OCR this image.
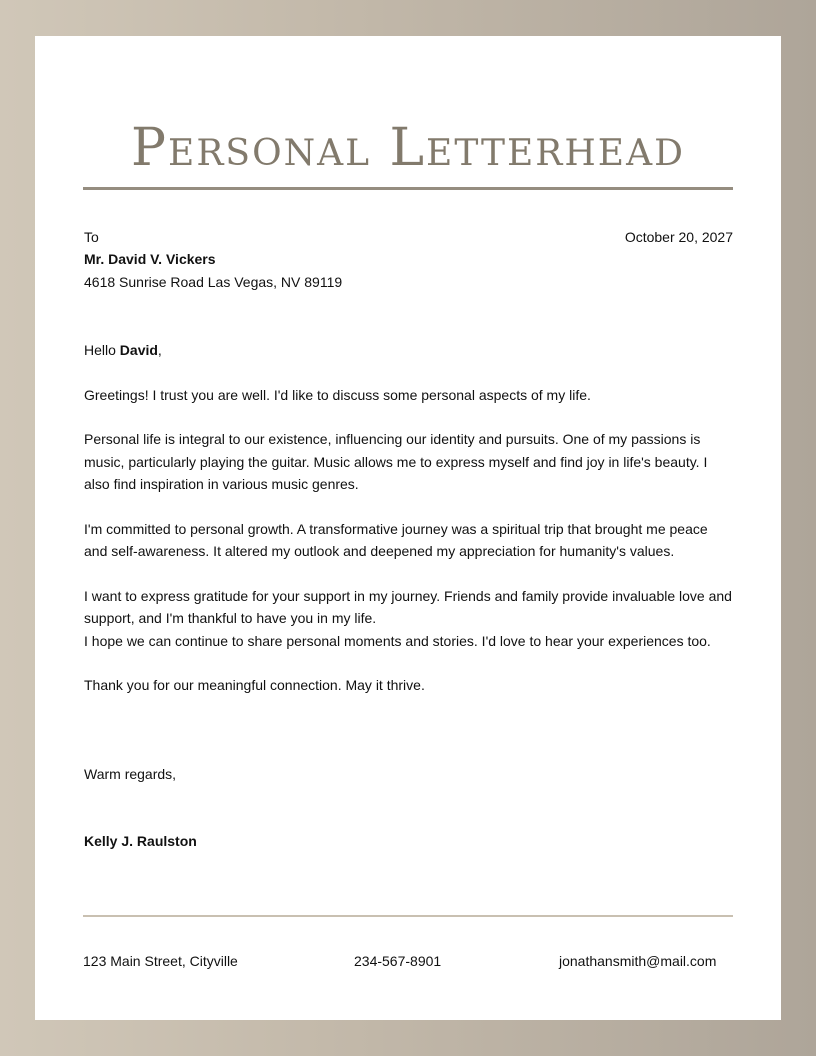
Personal Letterhead
To	October 20, 2027
Mr. David V. Vickers
4618 Sunrise Road Las Vegas, NV 89119

Hello David,

Greetings! I trust you are well. I'd like to discuss some personal aspects of my life.

Personal life is integral to our existence, influencing our identity and pursuits. One of my passions is music, particularly playing the guitar. Music allows me to express myself and find joy in life's beauty. I also find inspiration in various music genres.

I'm committed to personal growth. A transformative journey was a spiritual trip that brought me peace and self-awareness. It altered my outlook and deepened my appreciation for humanity's values.

I want to express gratitude for your support in my journey. Friends and family provide invaluable love and support, and I'm thankful to have you in my life.

I hope we can continue to share personal moments and stories. I'd love to hear your experiences too.

Thank you for our meaningful connection. May it thrive.

Warm regards,
Kelly J. Raulston
123 Main Street, Cityville	234-567-8901	jonathansmith@mail.com
